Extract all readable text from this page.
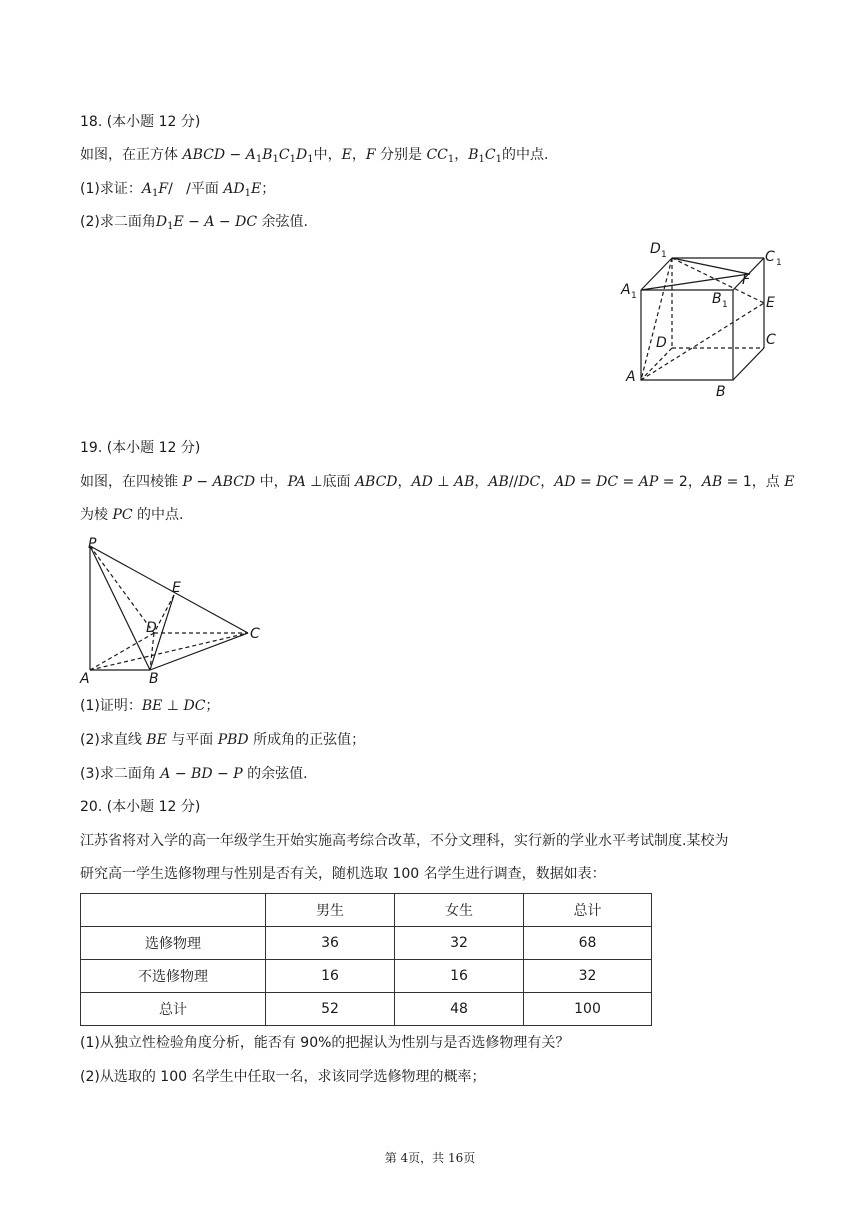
18. (本小题 12 分)
如图，在正方体 ABCD − $A_1B_1C_1D_1$中，E，F 分别是 $CC_1$，$B_1C_1$的中点.
(1)求证：$A_1F/$   /平面 $AD_1E$；
(2)求二面角$D_1E - A$ − DC 余弦值.
D 1	C 1
A 1	B 1
F
E
D	C
A
B
19. (本小题 12 分)
如图，在四棱锥 P − ABCD 中，PA ⊥底面 ABCD，AD ⊥ AB，AB//DC，AD = DC = AP = 2，AB = 1，点 E
为棱 PC 的中点.
P
E
D	C
A	B
(1)证明：BE ⊥ DC；
(2)求直线 BE 与平面 PBD 所成角的正弦值；
(3)求二面角 A − BD − P 的余弦值.
20. (本小题 12 分)
江苏省将对入学的高一年级学生开始实施高考综合改革，不分文理科，实行新的学业水平考试制度.某校为
研究高一学生选修物理与性别是否有关，随机选取 100 名学生进行调查，数据如表：
	男生	女生	总计
选修物理	36	32	68
不选修物理	16	16	32
总计	52	48	100
(1)从独立性检验角度分析，能否有 90%的把握认为性别与是否选修物理有关？
(2)从选取的 100 名学生中任取一名，求该同学选修物理的概率；
第 4页，共 16页
